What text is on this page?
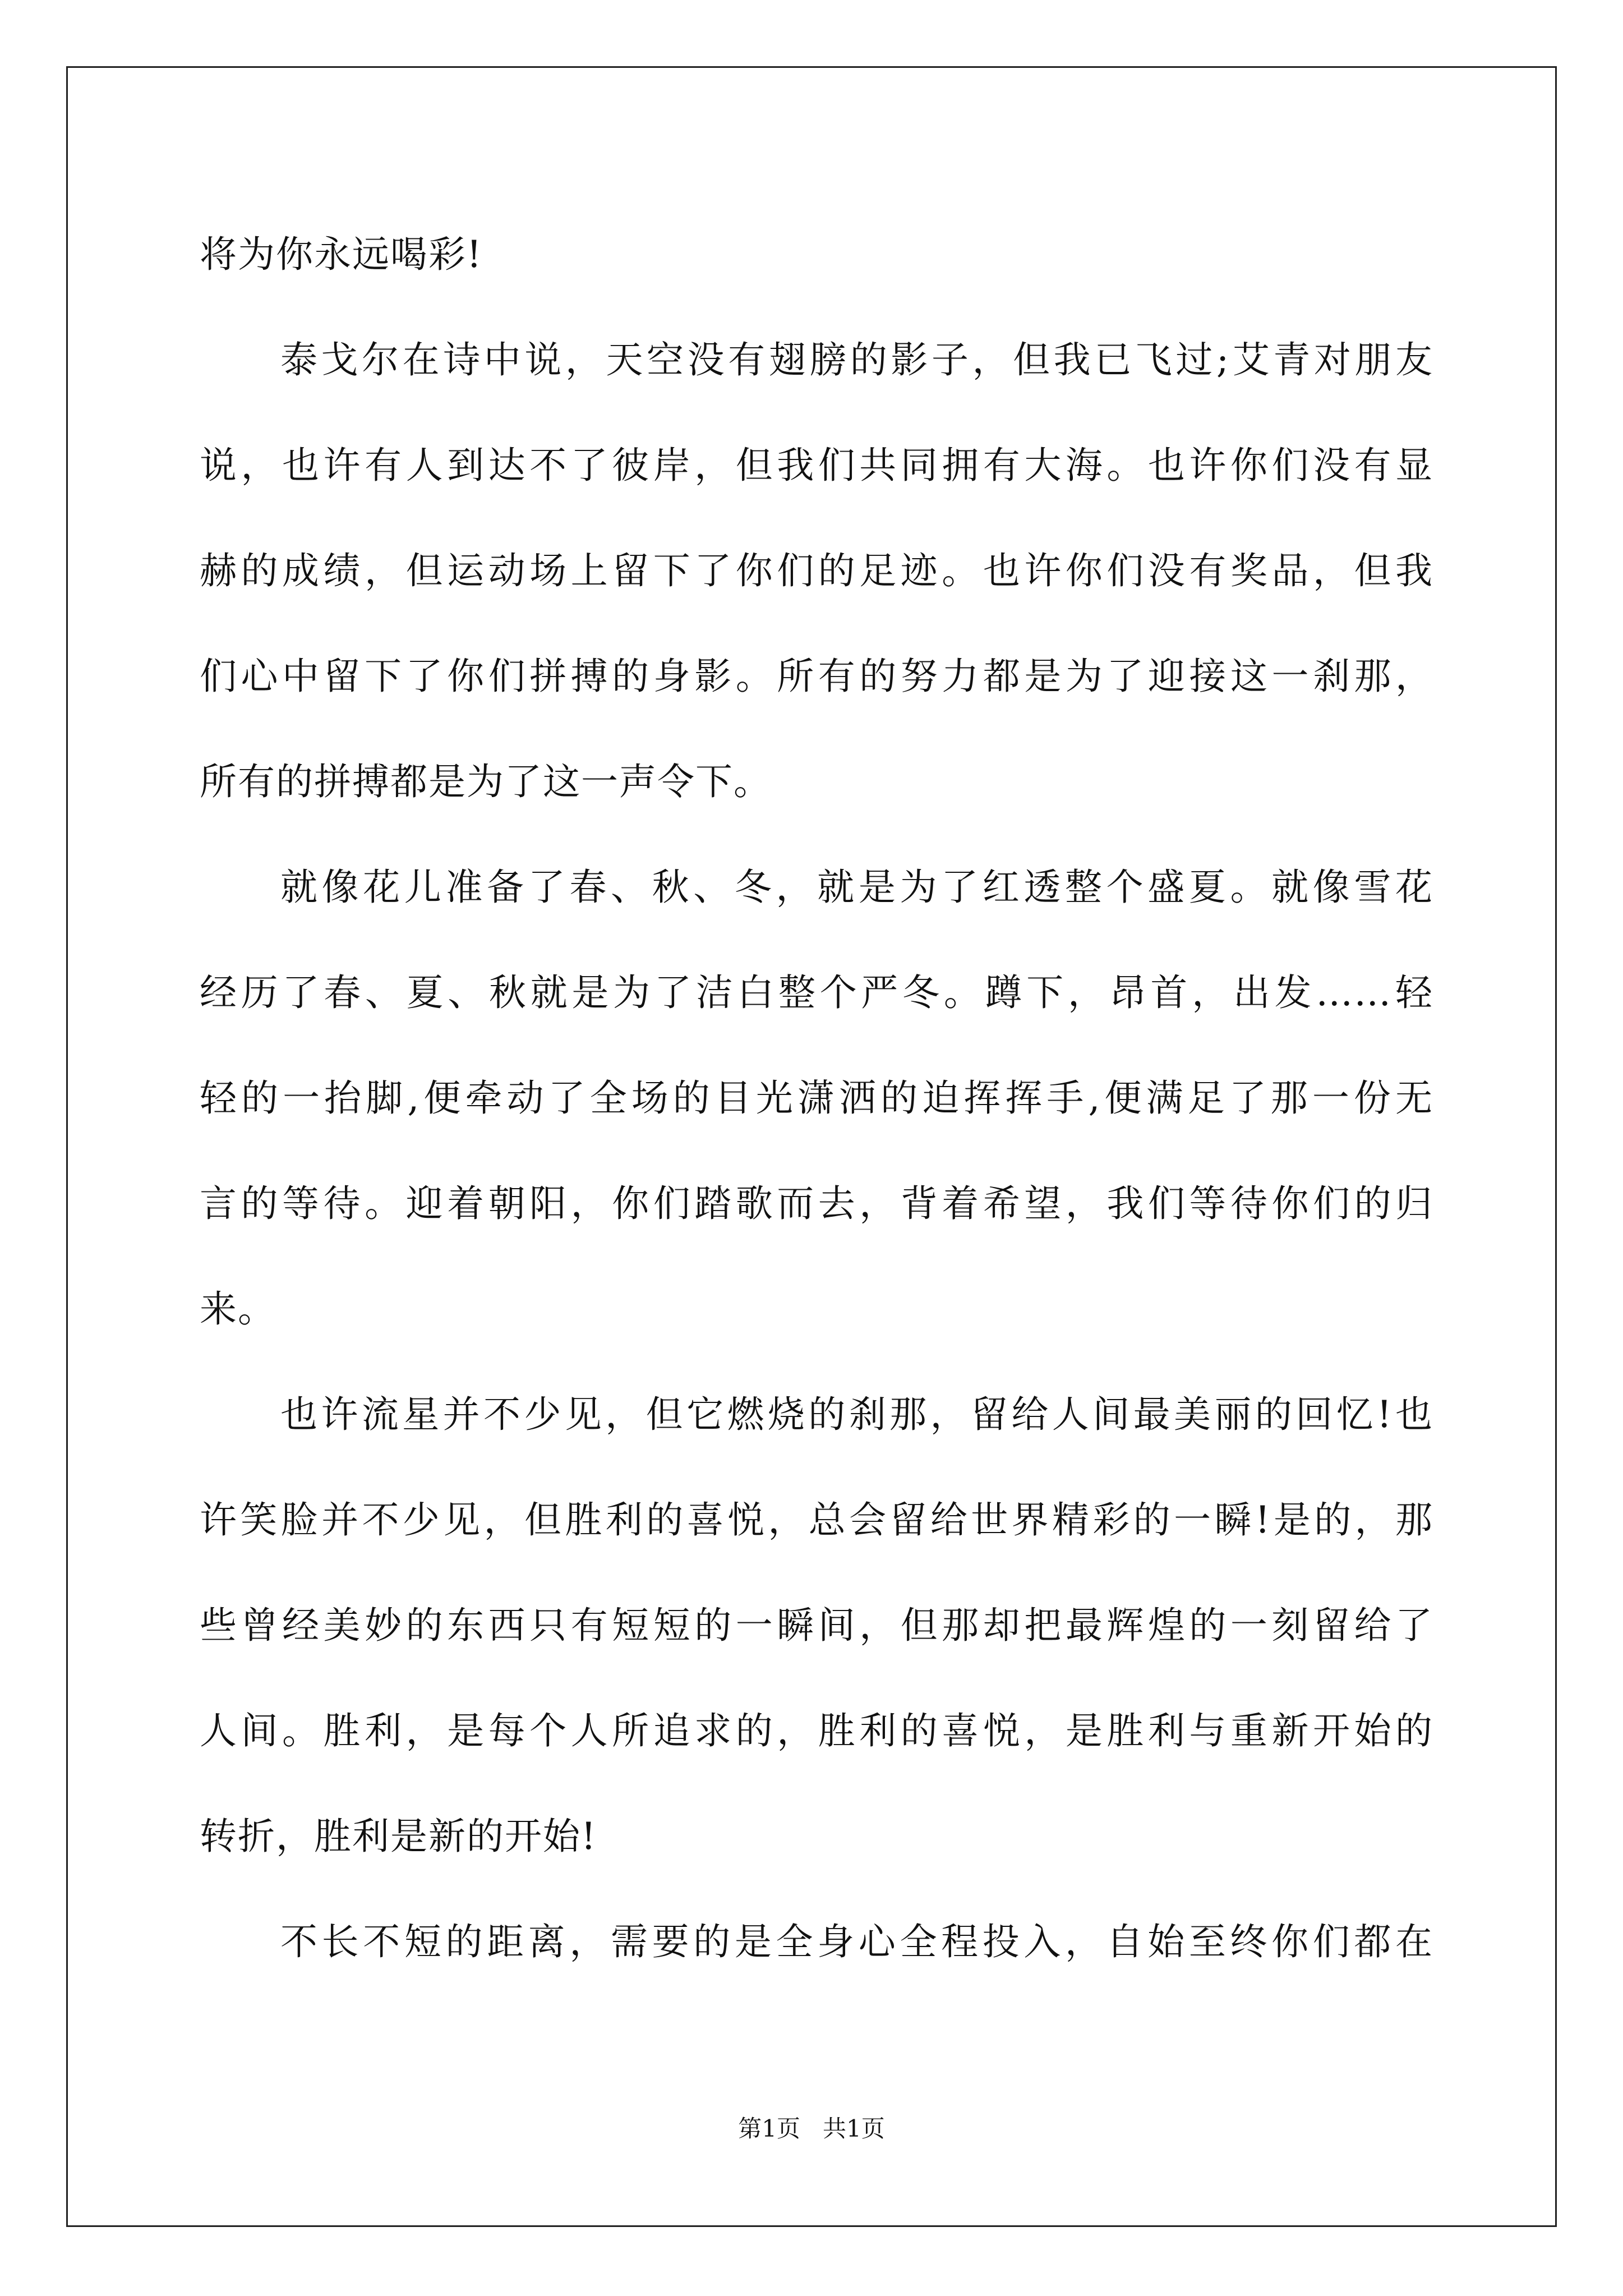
将为你永远喝彩!
泰戈尔在诗中说，天空没有翅膀的影子，但我已飞过;艾青对朋友
说，也许有人到达不了彼岸，但我们共同拥有大海。也许你们没有显
赫的成绩，但运动场上留下了你们的足迹。也许你们没有奖品，但我
们心中留下了你们拼搏的身影。所有的努力都是为了迎接这一刹那，
所有的拼搏都是为了这一声令下。
就像花儿准备了春、秋、冬，就是为了红透整个盛夏。就像雪花
经历了春、夏、秋就是为了洁白整个严冬。蹲下，昂首，出发……轻
轻的一抬脚,便牵动了全场的目光潇洒的迫挥挥手,便满足了那一份无
言的等待。迎着朝阳，你们踏歌而去，背着希望，我们等待你们的归
来。
也许流星并不少见，但它燃烧的刹那，留给人间最美丽的回忆!也
许笑脸并不少见，但胜利的喜悦，总会留给世界精彩的一瞬!是的，那
些曾经美妙的东西只有短短的一瞬间，但那却把最辉煌的一刻留给了
人间。胜利，是每个人所追求的，胜利的喜悦，是胜利与重新开始的
转折，胜利是新的开始!
不长不短的距离，需要的是全身心全程投入，自始至终你们都在
第1页 共1页
